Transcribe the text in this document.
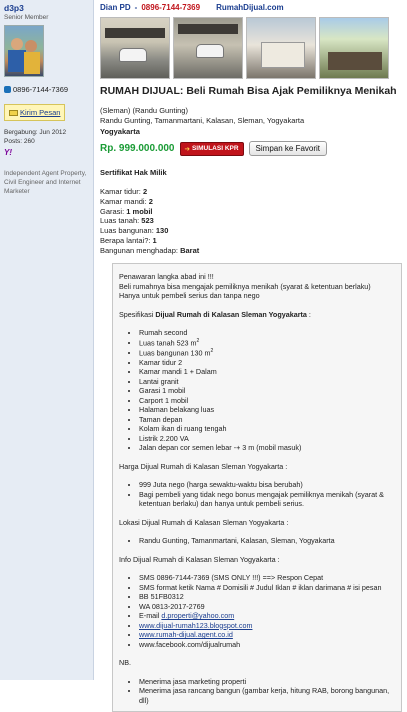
d3p3
Senior Member
0896-7144-7369
Kirim Pesan
Bergabung: Jun 2012
Posts: 260
Y!
Independent Agent Property, Civil Engineer and Internet Marketer
Dian PD - 0896-7144-7369 RumahDijual.com
RUMAH DIJUAL: Beli Rumah Bisa Ajak Pemiliknya Menikah
(Sleman) (Randu Gunting)
Randu Gunting, Tamanmartani, Kalasan, Sleman, Yogyakarta
Yogyakarta
Rp. 999.000.000 ➔ SIMULASI KPR	Simpan ke Favorit
Sertifikat Hak Milik
Kamar tidur: 2
Kamar mandi: 2
Garasi: 1 mobil
Luas tanah: 523
Luas bangunan: 130
Berapa lantai?: 1
Bangunan menghadap: Barat

Penawaran langka abad ini !!!

Beli rumahnya bisa mengajak pemiliknya menikah (syarat & ketentuan berlaku)

Hanya untuk pembeli serius dan tanpa nego

Spesifikasi Dijual Rumah di Kalasan Sleman Yogyakarta :

• Rumah second
• Luas tanah 523 $m^2$
• Luas bangunan 130 $m^2$
• Kamar tidur 2
• Kamar mandi 1 + Dalam
• Lantai granit
• Garasi 1 mobil
• Carport 1 mobil
• Halaman belakang luas
• Taman depan
• Kolam ikan di ruang tengah
• Listrik 2.200 VA
• Jalan depan cor semen lebar -+ 3 m (mobil masuk)

Harga Dijual Rumah di Kalasan Sleman Yogyakarta :

• 999 Juta nego (harga sewaktu-waktu bisa berubah)
• Bagi pembeli yang tidak nego bonus mengajak pemiliknya menikah (syarat & ketentuan berlaku) dan hanya untuk pembeli serius.

Lokasi Dijual Rumah di Kalasan Sleman Yogyakarta :

• Randu Gunting, Tamanmartani, Kalasan, Sleman, Yogyakarta

Info Dijual Rumah di Kalasan Sleman Yogyakarta :

• SMS 0896-7144-7369 (SMS ONLY !!!) ==> Respon Cepat
• SMS format ketik Nama # Domisili # Judul Iklan # iklan darimana # isi pesan
• BB 51FB0312
• WA 0813-2017-2769
• E-mail d.properti@yahoo.com
• www.dijual-rumah123.blogspot.com
• www.rumah-dijual.agent.co.id
• www.facebook.com/dijualrumah

NB.

• Menerima jasa marketing properti
• Menerima jasa rancang bangun (gambar kerja, hitung RAB, borong bangunan, dll)
